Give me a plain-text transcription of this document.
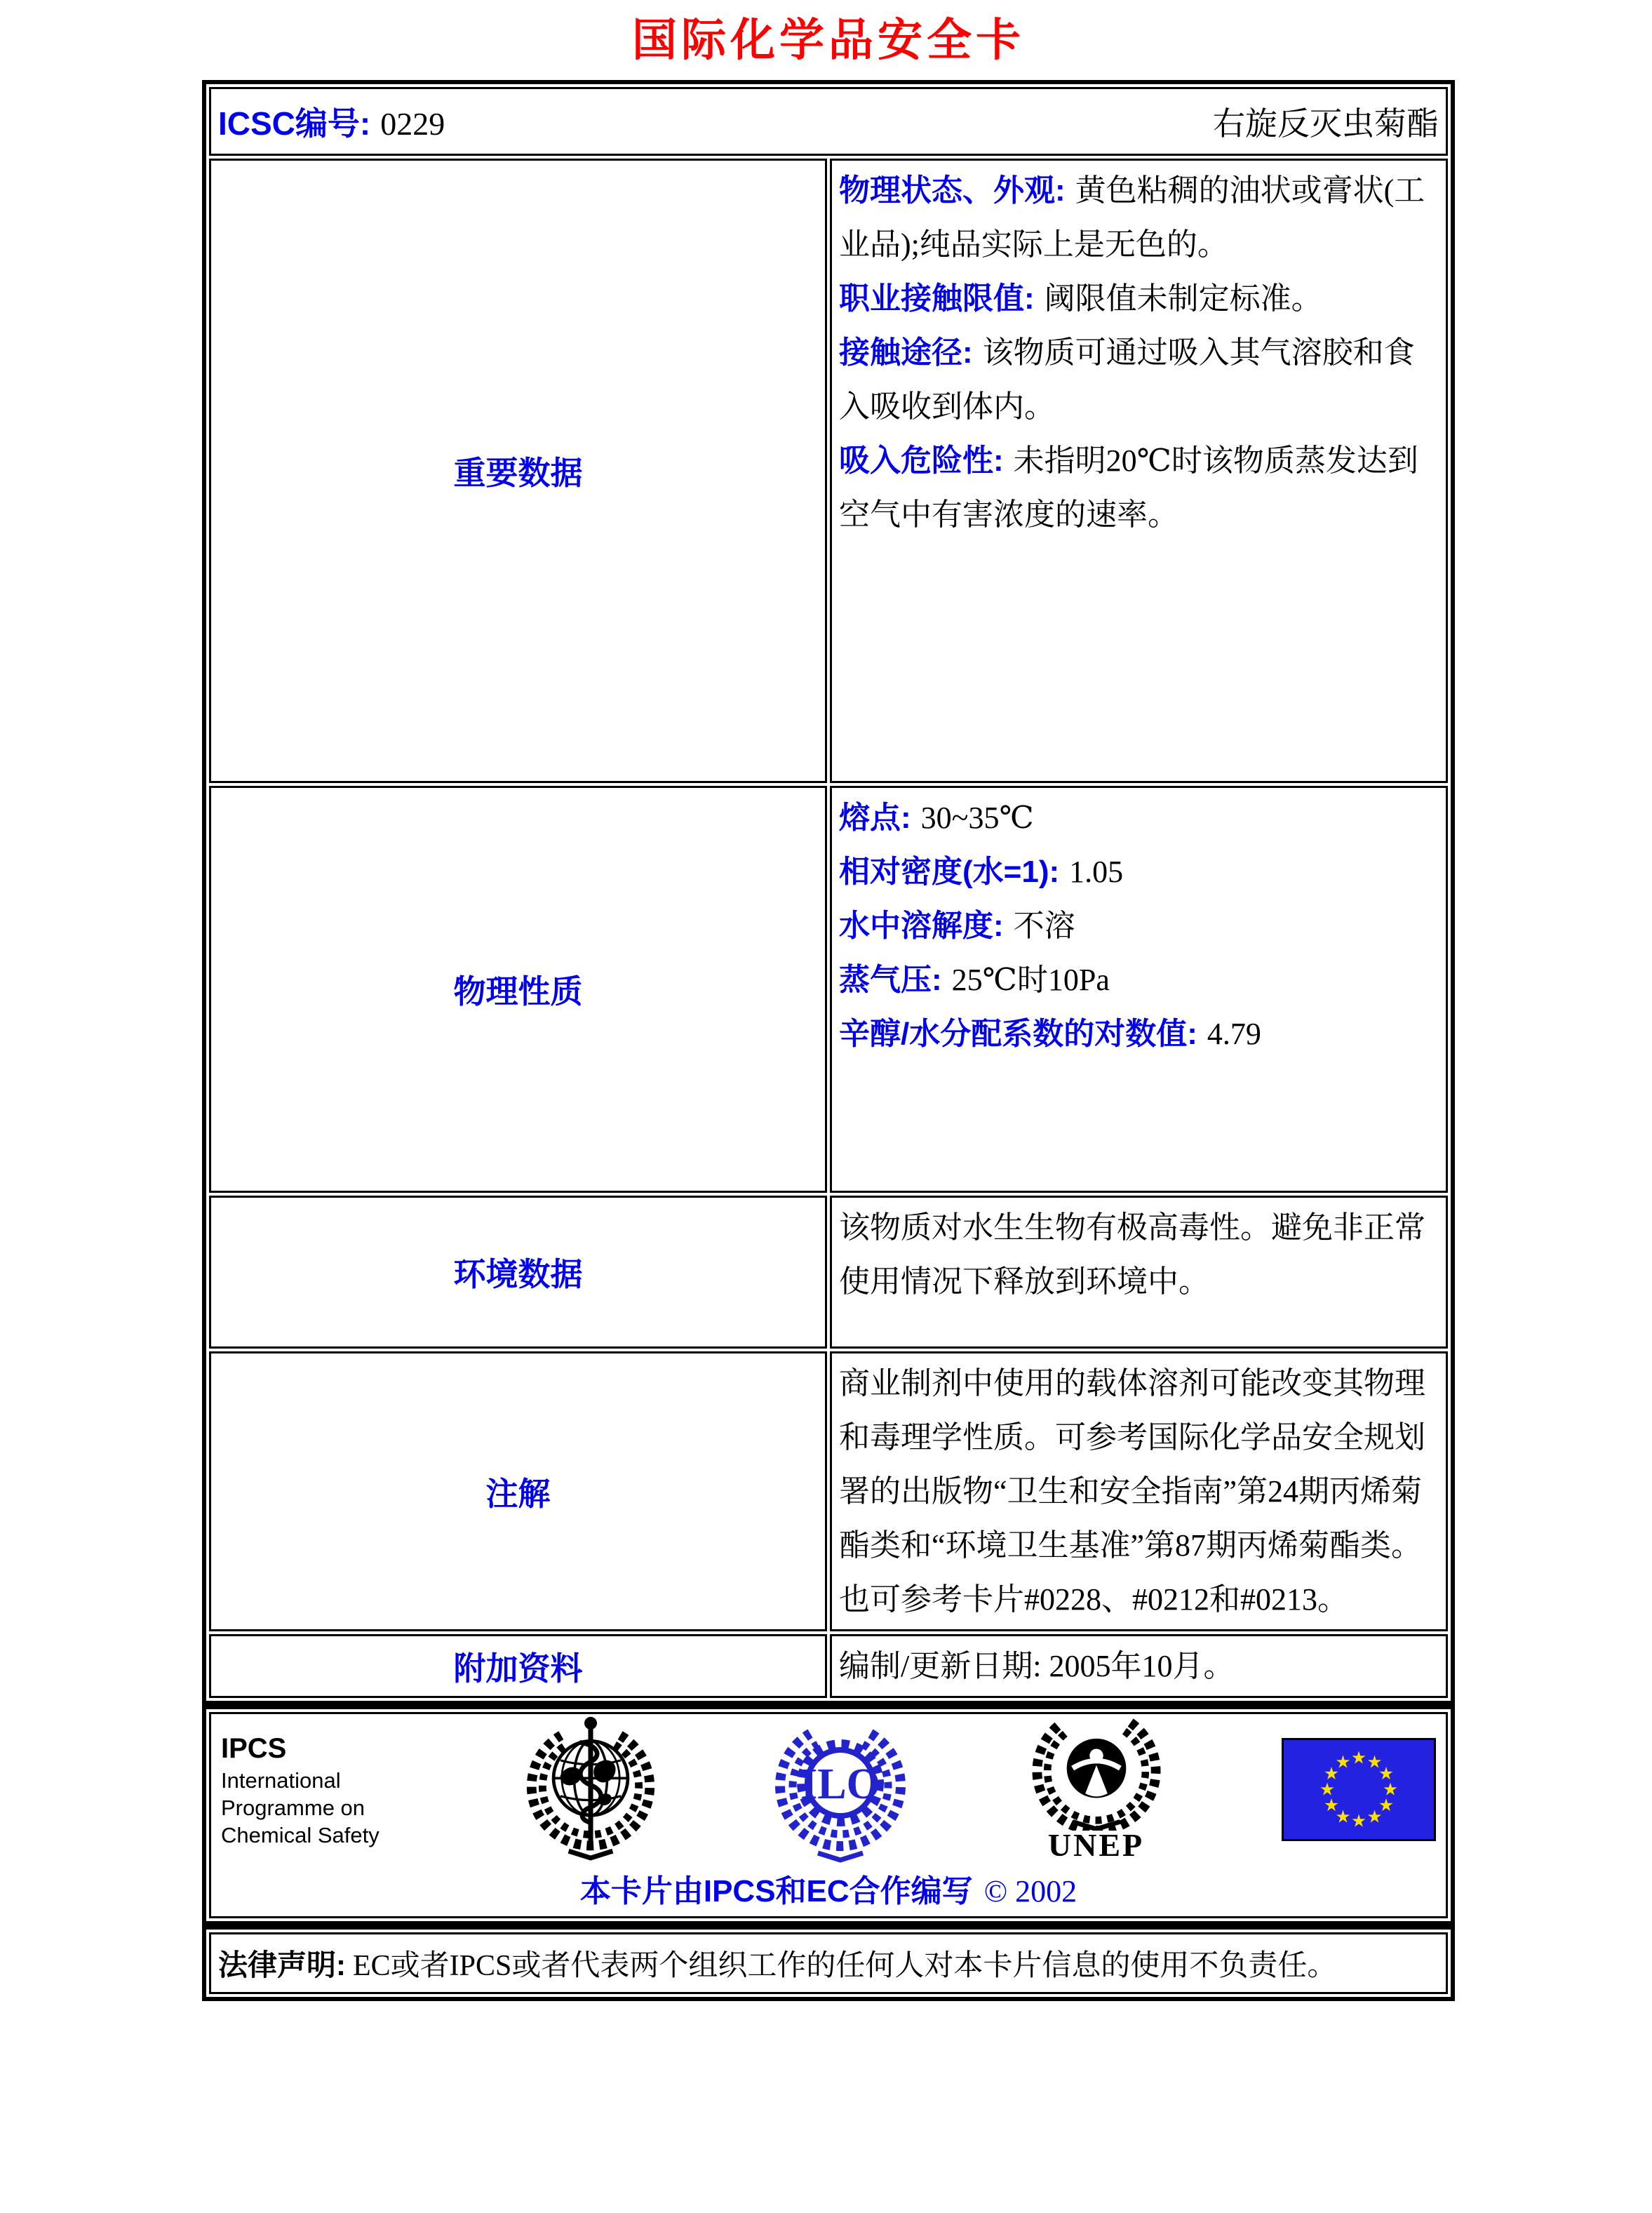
国际化学品安全卡
ICSC编号: 0229 右旋反灭虫菊酯	

重要数据	物理状态、外观: 黄色粘稠的油状或膏状(工业品);纯品实际上是无色的。

职业接触限值: 阈限值未制定标准。

接触途径: 该物质可通过吸入其气溶胶和食入吸收到体内。

吸入危险性: 未指明20℃时该物质蒸发达到空气中有害浓度的速率。

物理性质	熔点: 30~35℃

相对密度(水=1): 1.05

水中溶解度: 不溶

蒸气压: 25℃时10Pa

辛醇/水分配系数的对数值: 4.79

环境数据	该物质对水生生物有极高毒性。避免非正常使用情况下释放到环境中。

注解	商业制剂中使用的载体溶剂可能改变其物理和毒理学性质。可参考国际化学品安全规划署的出版物“卫生和安全指南”第24期丙烯菊酯类和“环境卫生基准”第87期丙烯菊酯类。也可参考卡片#0228、#0212和#0213。

附加资料	编制/更新日期: 2005年10月。

IPCS
International
Programme on
Chemical Safety
ILO
UNEP
本卡片由IPCS和EC合作编写 © 2002
法律声明: EC或者IPCS或者代表两个组织工作的任何人对本卡片信息的使用不负责任。
